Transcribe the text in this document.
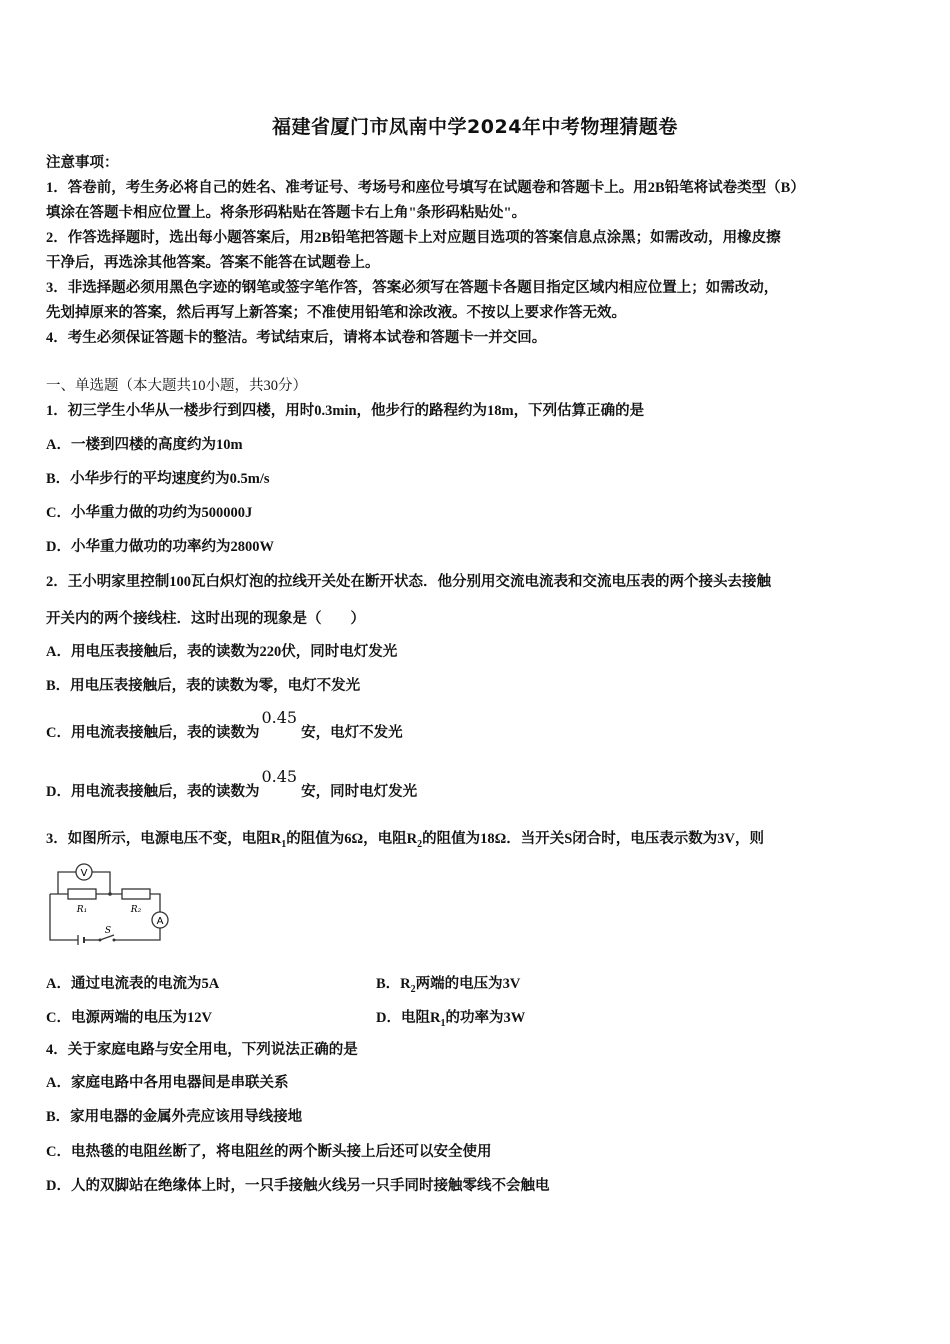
福建省厦门市凤南中学2024年中考物理猜题卷
注意事项：
1．答卷前，考生务必将自己的姓名、准考证号、考场号和座位号填写在试题卷和答题卡上。用2B铅笔将试卷类型（B）
填涂在答题卡相应位置上。将条形码粘贴在答题卡右上角"条形码粘贴处"。
2．作答选择题时，选出每小题答案后，用2B铅笔把答题卡上对应题目选项的答案信息点涂黑；如需改动，用橡皮擦
干净后，再选涂其他答案。答案不能答在试题卷上。
3．非选择题必须用黑色字迹的钢笔或签字笔作答，答案必须写在答题卡各题目指定区域内相应位置上；如需改动，
先划掉原来的答案，然后再写上新答案；不准使用铅笔和涂改液。不按以上要求作答无效。
4．考生必须保证答题卡的整洁。考试结束后，请将本试卷和答题卡一并交回。
一、单选题（本大题共10小题，共30分）
1．初三学生小华从一楼步行到四楼，用时0.3min，他步行的路程约为18m，下列估算正确的是
A．一楼到四楼的高度约为10m
B．小华步行的平均速度约为0.5m/s
C．小华重力做的功约为500000J
D．小华重力做功的功率约为2800W
2．王小明家里控制100瓦白炽灯泡的拉线开关处在断开状态．他分别用交流电流表和交流电压表的两个接头去接触
开关内的两个接线柱．这时出现的现象是（　　）
A．用电压表接触后，表的读数为220伏，同时电灯发光
B．用电压表接触后，表的读数为零，电灯不发光
C．用电流表接触后，表的读数为0.45安，电灯不发光
D．用电流表接触后，表的读数为0.45安，同时电灯发光
3．如图所示，电源电压不变，电阻$R_1$的阻值为6Ω，电阻$R_2$的阻值为18Ω．当开关S闭合时，电压表示数为3V，则
V
A
R₁	R₂
S
A．通过电流表的电流为5A	B．$R_2$两端的电压为3V
C．电源两端的电压为12V	D．电阻$R_1$的功率为3W
4．关于家庭电路与安全用电，下列说法正确的是
A．家庭电路中各用电器间是串联关系
B．家用电器的金属外壳应该用导线接地
C．电热毯的电阻丝断了，将电阻丝的两个断头接上后还可以安全使用
D．人的双脚站在绝缘体上时，一只手接触火线另一只手同时接触零线不会触电
